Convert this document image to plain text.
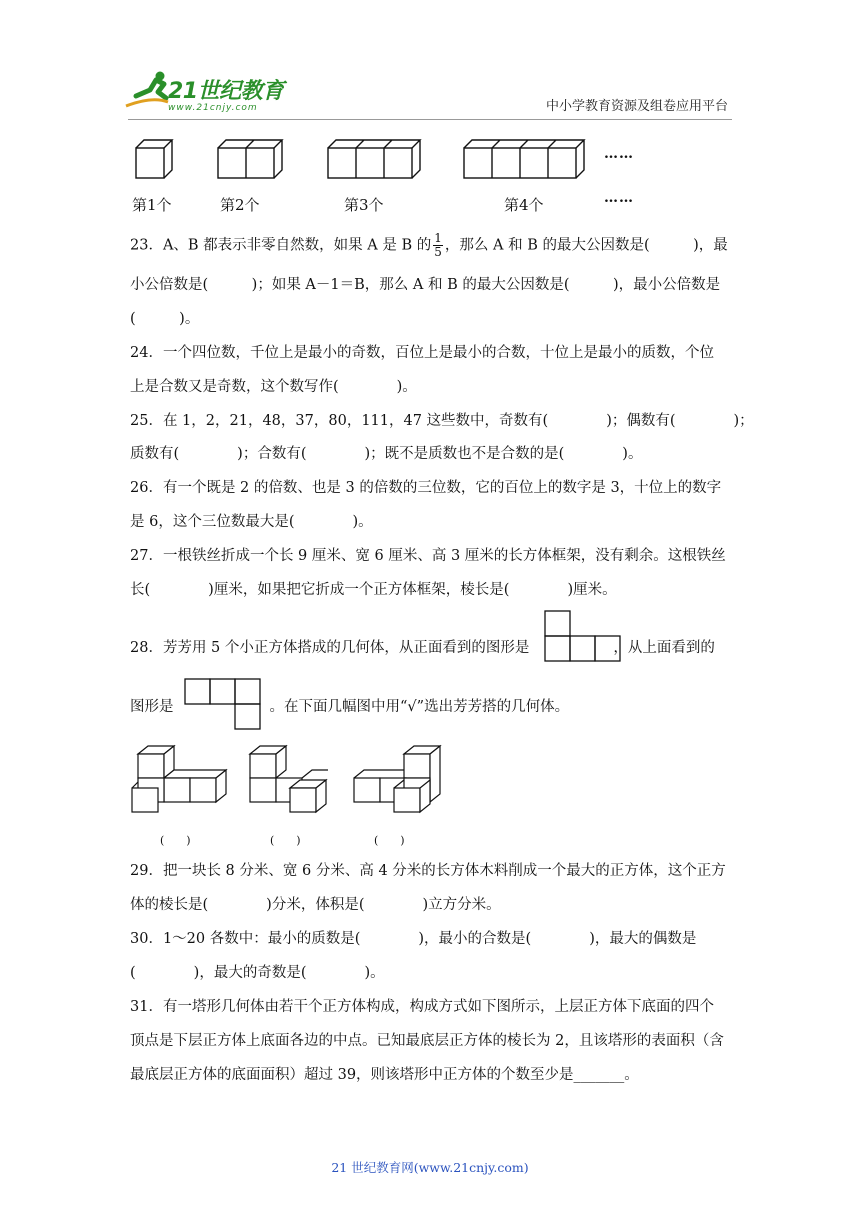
21世纪教育
www.21cnjy.com	中小学教育资源及组卷应用平台
……
第1个	第2个	第3个	第4个	……
23．A、B 都表示非零自然数，如果 A 是 B 的 $\frac{1}{5}$ ，那么 A 和 B 的最大公因数是(　　　)，最
小公倍数是(　　　)；如果 A－1＝B，那么 A 和 B 的最大公因数是(　　　)，最小公倍数是
(　　　)。
24．一个四位数，千位上是最小的奇数，百位上是最小的合数，十位上是最小的质数，个位
上是合数又是奇数，这个数写作(　　　　)。
25．在 1，2，21，48，37，80，111，47 这些数中，奇数有(　　　　)；偶数有(　　　　)；
质数有(　　　　)；合数有(　　　　)；既不是质数也不是合数的是(　　　　)。
26．有一个既是 2 的倍数、也是 3 的倍数的三位数，它的百位上的数字是 3，十位上的数字
是 6，这个三位数最大是(　　　　)。
27．一根铁丝折成一个长 9 厘米、宽 6 厘米、高 3 厘米的长方体框架，没有剩余。这根铁丝
长(　　　　)厘米，如果把它折成一个正方体框架，棱长是(　　　　)厘米。
28．芳芳用 5 个小正方体搭成的几何体，从正面看到的图形是	，从上面看到的
图形是	。在下面几幅图中用“√”选出芳芳搭的几何体。
(　　)	(　　)	(　　)
29．把一块长 8 分米、宽 6 分米、高 4 分米的长方体木料削成一个最大的正方体，这个正方
体的棱长是(　　　　)分米，体积是(　　　　)立方分米。
30．1～20 各数中：最小的质数是(　　　　)，最小的合数是(　　　　)，最大的偶数是
(　　　　)，最大的奇数是(　　　　)。
31．有一塔形几何体由若干个正方体构成，构成方式如下图所示，上层正方体下底面的四个
顶点是下层正方体上底面各边的中点。已知最底层正方体的棱长为 2，且该塔形的表面积（含
最底层正方体的底面面积）超过 39，则该塔形中正方体的个数至少是_______。
21 世纪教育网(www.21cnjy.com)
